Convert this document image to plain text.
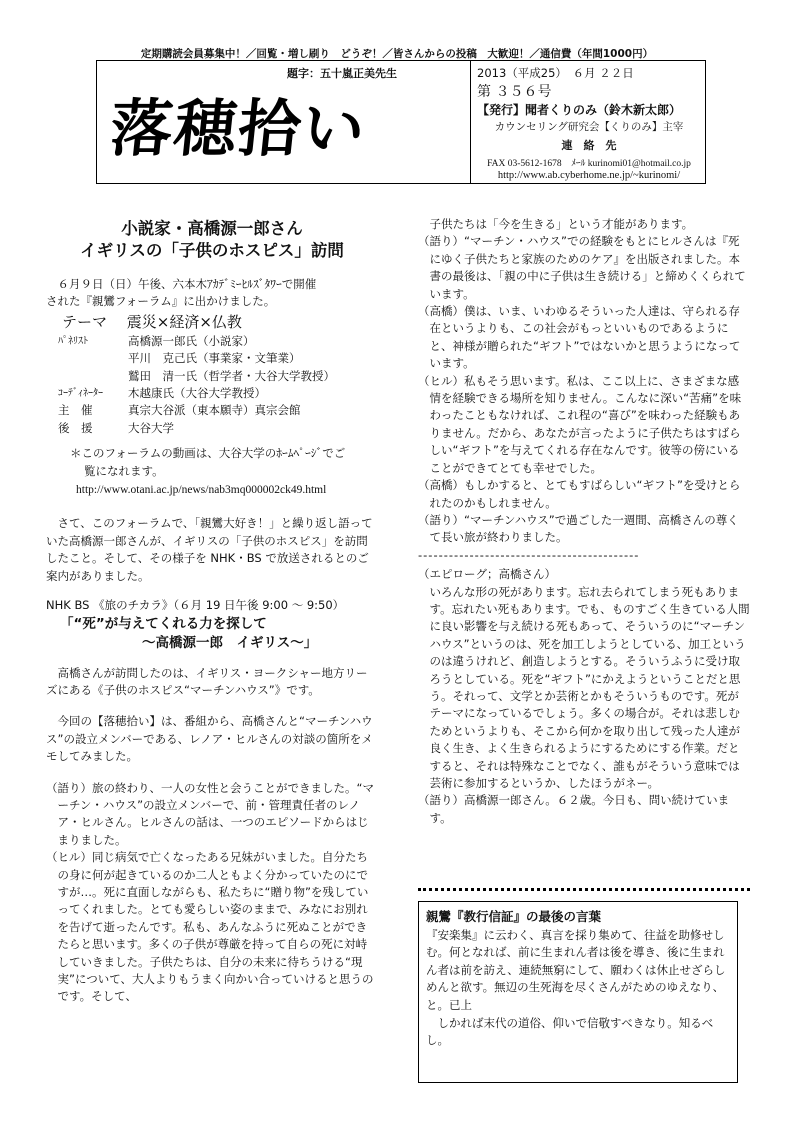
定期購読会員募集中！／回覧・増し刷り　どうぞ！／皆さんからの投稿　大歓迎！／通信費（年間1000円）
題字：五十嵐正美先生
落穂拾い
2013（平成25）　６月 ２２日
第 ３５６号
【発行】聞者くりのみ（鈴木新太郎）
カウンセリング研究会【くりのみ】主宰
連　絡　先
FAX 03-5612-1678　ﾒｰﾙ kurinomi01@hotmail.co.jp
http://www.ab.cyberhome.ne.jp/~kurinomi/
小説家・高橋源一郎さん
イギリスの「子供のホスピス」訪問

６月９日（日）午後、六本木ｱｶﾃﾞﾐｰﾋﾙｽﾞﾀﾜｰで開催

された『親鸞フォーラム』に出かけました。

テーマ　 震災×経済×仏教
ﾊﾟﾈﾘｽﾄ	高橋源一郎氏（小説家）
平川　克己氏（事業家・文筆業）
鷲田　清一氏（哲学者・大谷大学教授）
ｺｰﾃﾞｨﾈｰﾀｰ	木越康氏（大谷大学教授）
主　催	真宗大谷派（東本願寺）真宗会館
後　援	大谷大学

＊このフォーラムの動画は、大谷大学のﾎｰﾑﾍﾟｰｼﾞでご

覧になれます。

http://www.otani.ac.jp/news/nab3mq000002ck49.html

さて、このフォーラムで、「親鸞大好き！」と繰り返し語っていた高橋源一郎さんが、イギリスの「子供のホスピス」を訪問したこと。そして、その様子を NHK・BS で放送されるとのご案内がありました。

NHK BS 《旅のチカラ》（６月 19 日午後 9:00 〜 9:50）

「“死”が与えてくれる力を探して

〜高橋源一郎　イギリス〜」

高橋さんが訪問したのは、イギリス・ヨークシャー地方リーズにある《子供のホスピス“マーチンハウス”》です。

今回の【落穂拾い】は、番組から、高橋さんと“マーチンハウス”の設立メンバーである、レノア・ヒルさんの対談の箇所をメモしてみました。

（語り）旅の終わり、一人の女性と会うことができました。“マーチン・ハウス”の設立メンバーで、前・管理責任者のレノア・ヒルさん。ヒルさんの話は、一つのエピソードからはじまりました。

（ヒル）同じ病気で亡くなったある兄妹がいました。自分たちの身に何が起きているのか二人ともよく分かっていたのにですが…。死に直面しながらも、私たちに“贈り物”を残していってくれました。とても愛らしい姿のままで、みなにお別れを告げて逝ったんです。私も、あんなふうに死ぬことができたらと思います。多くの子供が尊厳を持って自らの死に対峙していきました。子供たちは、自分の未来に待ちうける“現実”について、大人よりもうまく向かい合っていけると思うのです。そして、

子供たちは「今を生きる」という才能があります。

（語り）“マーチン・ハウス”での経験をもとにヒルさんは『死にゆく子供たちと家族のためのケア』を出版されました。本書の最後は、「親の中に子供は生き続ける」と締めくくられています。

（高橋）僕は、いま、いわゆるそういった人達は、守られる存在というよりも、この社会がもっといいものであるようにと、神様が贈られた“ギフト”ではないかと思うようになっています。

（ヒル）私もそう思います。私は、ここ以上に、さまざまな感情を経験できる場所を知りません。こんなに深い“苦痛”を味わったこともなければ、これ程の“喜び”を味わった経験もありません。だから、あなたが言ったように子供たちはすばらしい“ギフト”を与えてくれる存在なんです。彼等の傍にいることができてとても幸せでした。

（高橋）もしかすると、とてもすばらしい“ギフト”を受けとられたのかもしれません。

（語り）“マーチンハウス”で過ごした一週間、高橋さんの尊くて長い旅が終わりました。

-------------------------------------------

（エピローグ；高橋さん）

いろんな形の死があります。忘れ去られてしまう死もあります。忘れたい死もあります。でも、ものすごく生きている人間に良い影響を与え続ける死もあって、そういうのに“マーチンハウス”というのは、死を加工しようとしている、加工というのは違うけれど、創造しようとする。そういうふうに受け取ろうとしている。死を“ギフト”にかえようということだと思う。それって、文学とか芸術とかもそういうものです。死がテーマになっているでしょう。多くの場合が。それは悲しむためというよりも、そこから何かを取り出して残った人達が良く生き、よく生きられるようにするためにする作業。だとすると、それは特殊なことでなく、誰もがそういう意味では芸術に参加するというか、したほうがネー。

（語り）高橋源一郎さん。６２歳。今日も、問い続けています。

親鸞『教行信証』の最後の言葉

『安楽集』に云わく、真言を採り集めて、往益を助修せしむ。何となれば、前に生まれん者は後を導き、後に生まれん者は前を訪え、連続無窮にして、願わくは休止せざらしめんと欲す。無辺の生死海を尽くさんがためのゆえなり、と。已上

しかれば末代の道俗、仰いで信敬すべきなり。知るべし。
